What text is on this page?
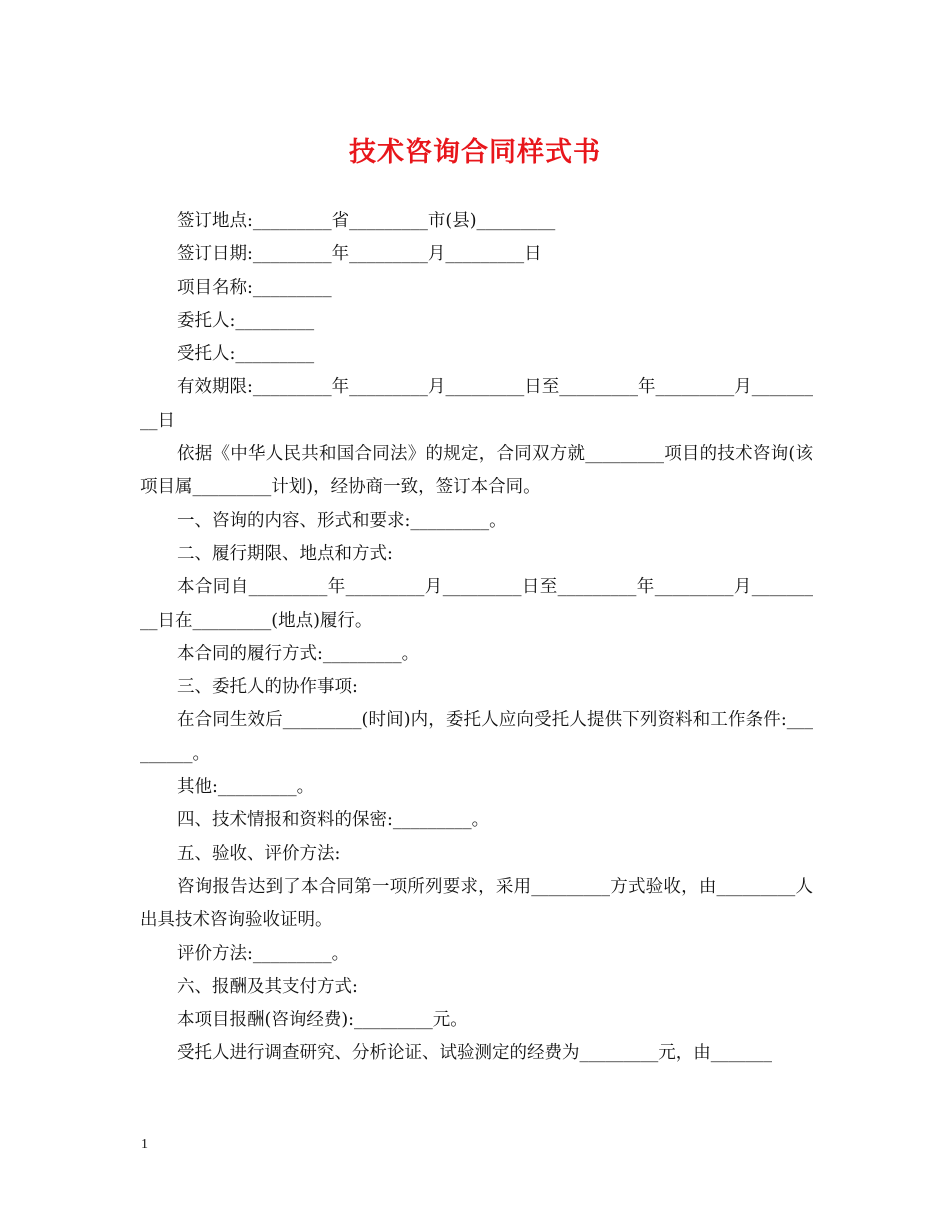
技术咨询合同样式书

签订地点:_________省_________市(县)_________

签订日期:_________年_________月_________日

项目名称:_________

委托人:_________

受托人:_________

有效期限:_________年_________月_________日至_________年_________月_________日

依据《中华人民共和国合同法》的规定，合同双方就_________项目的技术咨询(该项目属_________计划)，经协商一致，签订本合同。

一、咨询的内容、形式和要求:_________。

二、履行期限、地点和方式:

本合同自_________年_________月_________日至_________年_________月_________日在_________(地点)履行。

本合同的履行方式:_________。

三、委托人的协作事项:

在合同生效后_________(时间)内，委托人应向受托人提供下列资料和工作条件:_________。

其他:_________。

四、技术情报和资料的保密:_________。

五、验收、评价方法:

咨询报告达到了本合同第一项所列要求，采用_________方式验收，由_________人出具技术咨询验收证明。

评价方法:_________。

六、报酬及其支付方式:

本项目报酬(咨询经费):_________元。

受托人进行调查研究、分析论证、试验测定的经费为_________元，由_______

1
